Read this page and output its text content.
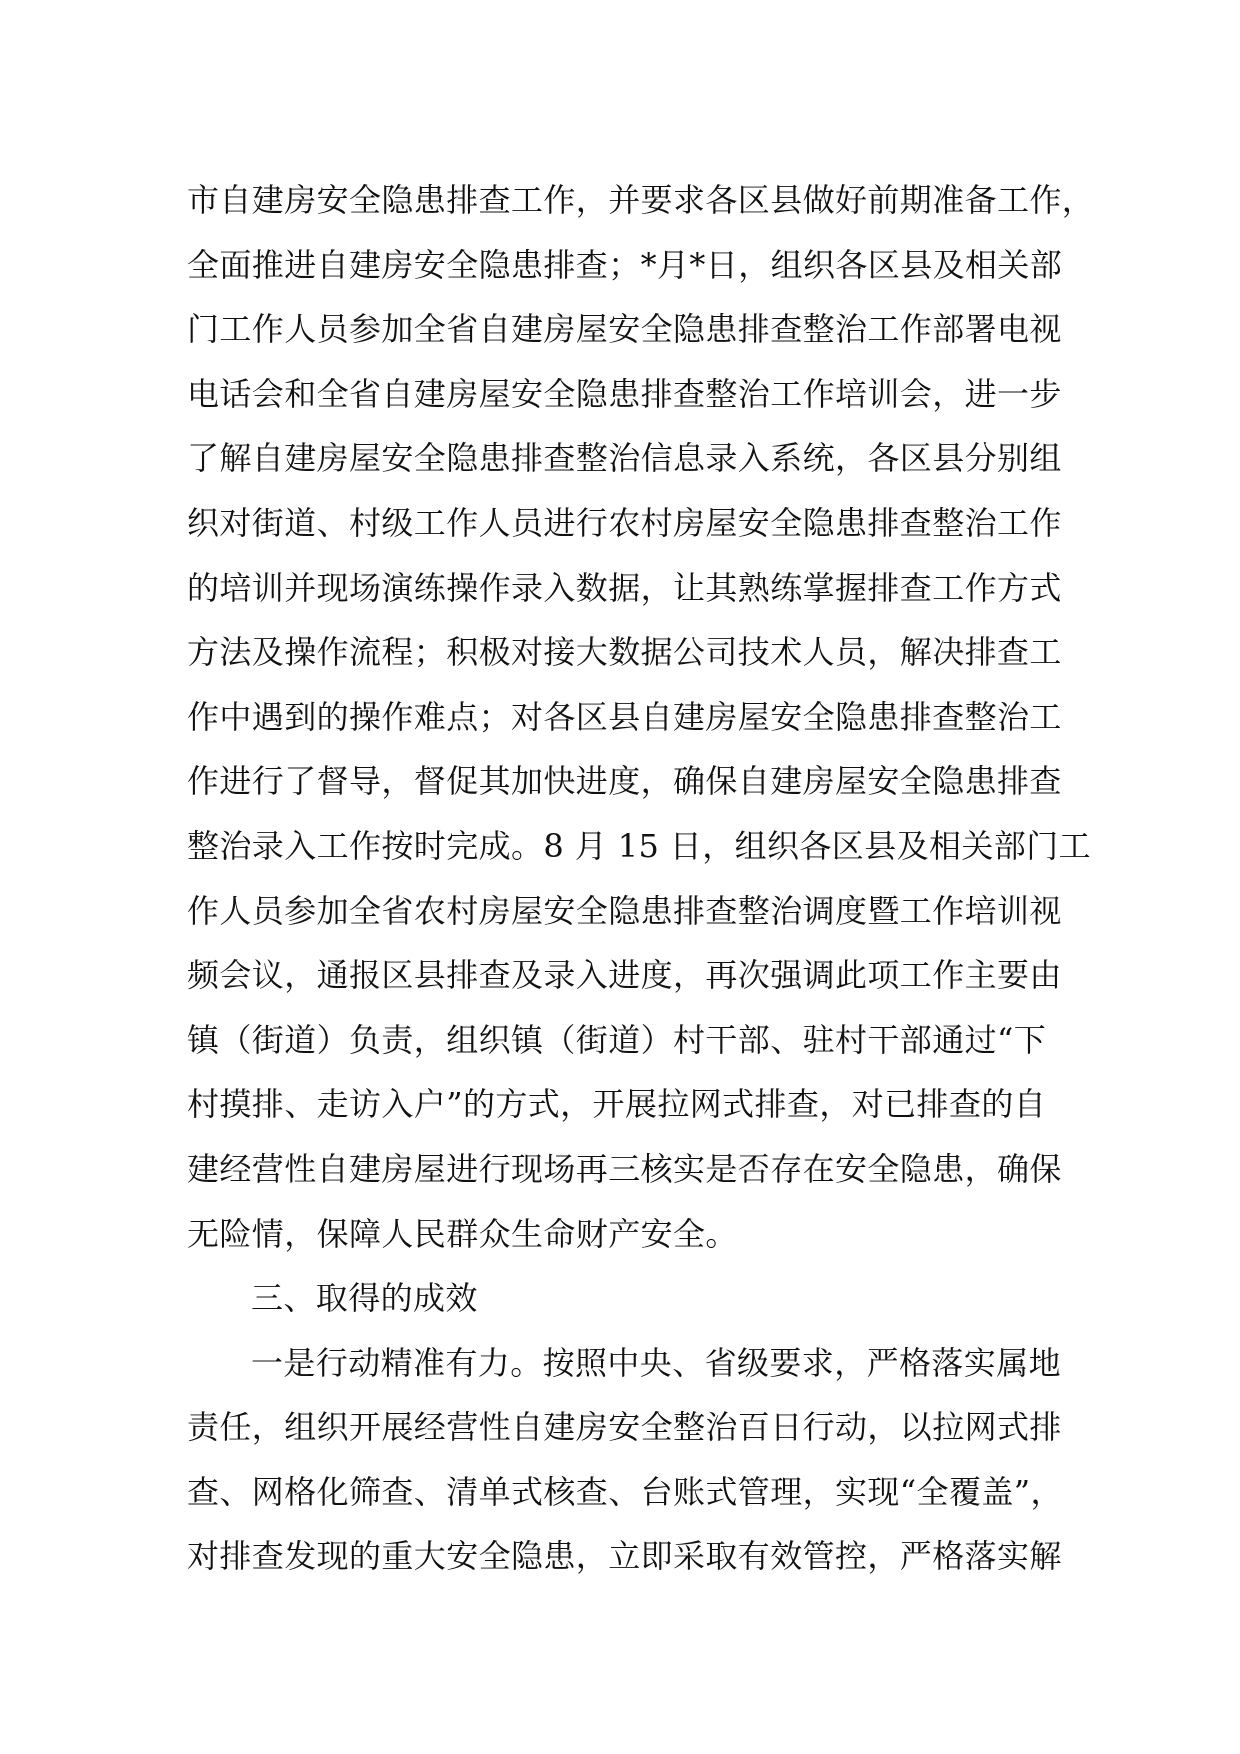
市自建房安全隐患排查工作，并要求各区县做好前期准备工作，
全面推进自建房安全隐患排查；*月*日，组织各区县及相关部
门工作人员参加全省自建房屋安全隐患排查整治工作部署电视
电话会和全省自建房屋安全隐患排查整治工作培训会，进一步
了解自建房屋安全隐患排查整治信息录入系统，各区县分别组
织对街道、村级工作人员进行农村房屋安全隐患排查整治工作
的培训并现场演练操作录入数据，让其熟练掌握排查工作方式
方法及操作流程；积极对接大数据公司技术人员，解决排查工
作中遇到的操作难点；对各区县自建房屋安全隐患排查整治工
作进行了督导，督促其加快进度，确保自建房屋安全隐患排查
整治录入工作按时完成。8 月 15 日，组织各区县及相关部门工
作人员参加全省农村房屋安全隐患排查整治调度暨工作培训视
频会议，通报区县排查及录入进度，再次强调此项工作主要由
镇（街道）负责，组织镇（街道）村干部、驻村干部通过“下
村摸排、走访入户”的方式，开展拉网式排查，对已排查的自
建经营性自建房屋进行现场再三核实是否存在安全隐患，确保
无险情，保障人民群众生命财产安全。
三、取得的成效
一是行动精准有力。按照中央、省级要求，严格落实属地
责任，组织开展经营性自建房安全整治百日行动，以拉网式排
查、网格化筛查、清单式核查、台账式管理，实现“全覆盖”，
对排查发现的重大安全隐患，立即采取有效管控，严格落实解
